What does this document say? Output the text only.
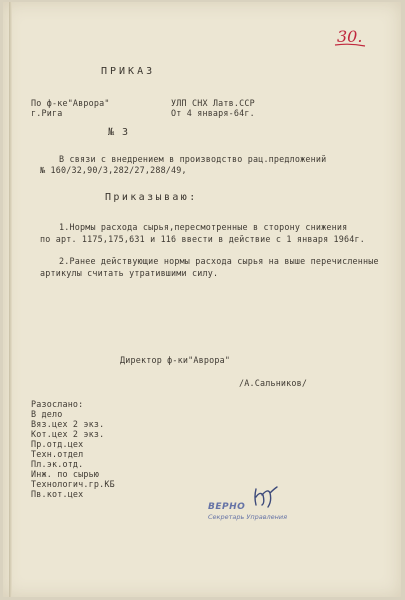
30.
ПРИКАЗ
По ф-ке"Аврора"
г.Рига
УЛП СНХ Латв.ССР
От 4 января-64г.
№ 3
В связи с внедрением в производство рац.предложений
№ 160/32,90/3,282/27,288/49,
Приказываю:
1.Нормы расхода сырья,пересмотренные в сторону снижения
по арт. 1175,175,631 и 116 ввести в действие с 1 января 1964г.
2.Ранее действующие нормы расхода сырья на выше перечисленные
артикулы считать утратившими силу.
Директор ф-ки"Аврора"
/А.Сальников/
Разослано:
В дело
Вяз.цех 2 экз.
Кот.цех 2 экз.
Пр.отд.цех
Техн.отдел
Пл.эк.отд.
Инж. по сырью
Технологич.гр.КБ
Пв.кот.цех
ВЕРНО
Секретарь Управления
